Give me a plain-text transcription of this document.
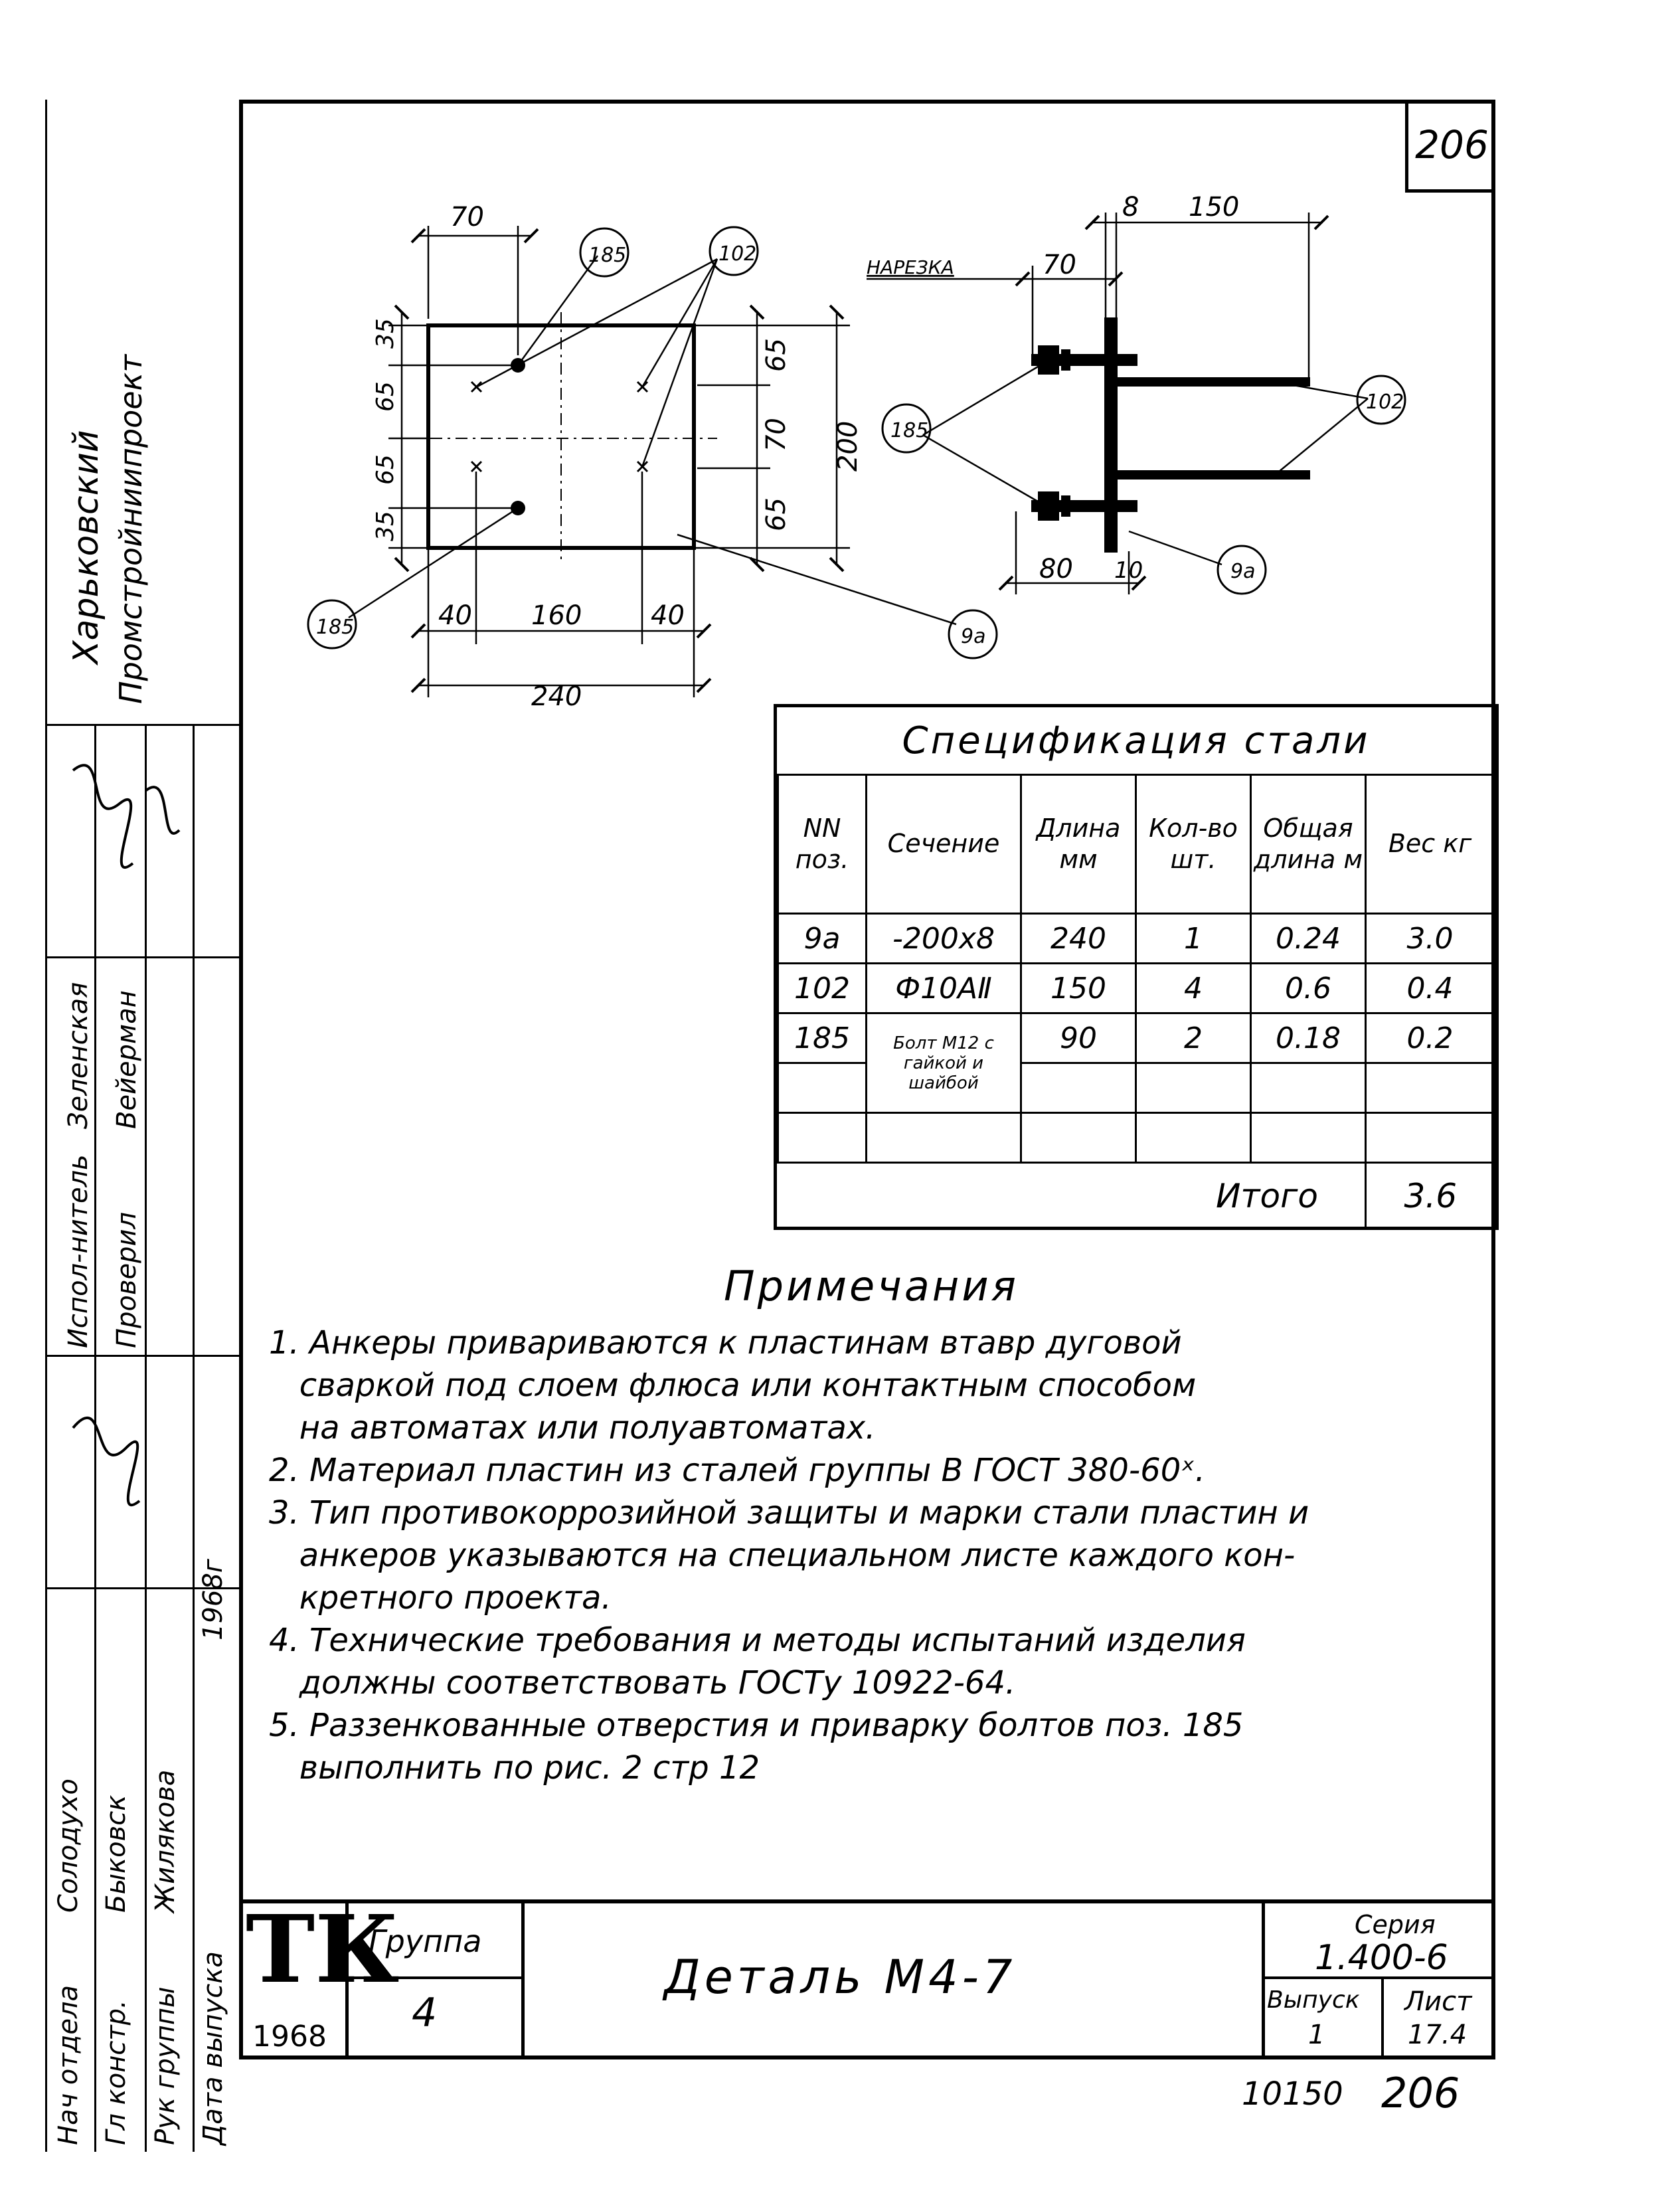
206
Харьковский Промстройниипроект
Испол-нитель
Зеленская
Проверил
Вейерман
Нач отдела
Солодухо
Гл констр.
Быковск
Рук группы
Жилякова
Дата выпуска
1968г
70
35
65
65
35
65
70
65
200
40 160	40
240
185	102
185	9а
НАРЕЗКА
8 150
70
80 10
185
102
9а
Спецификация стали					
NN поз.	Сечение	Длина мм	Кол-во шт.	Общая длина м	Вес кг
9а	-200х8	240	1	0.24	3.0
102	Ф10АⅡ	150	4	0.6	0.4
185	Болт М12 с гайкой и шайбой	90	2	0.18	0.2

Итого					3.6
Примечания
1. Анкеры привариваются к пластинам втавр дуговой
сваркой под слоем флюса или контактным способом
на автоматах или полуавтоматах.
2. Материал пластин из сталей группы В ГОСТ 380-60ˣ.
3. Тип противокоррозийной защиты и марки стали пластин и
анкеров указываются на специальном листе каждого кон-
кретного проекта.
4. Технические требования и методы испытаний изделия
должны соответствовать ГОСТу 10922-64.
5. Раззенкованные отверстия и приварку болтов поз. 185
выполнить по рис. 2 стр 12
ТК
1968
Группа
4
Деталь М4-7
Серия
1.400-6
Выпуск
1
Лист
17.4
10150 206
